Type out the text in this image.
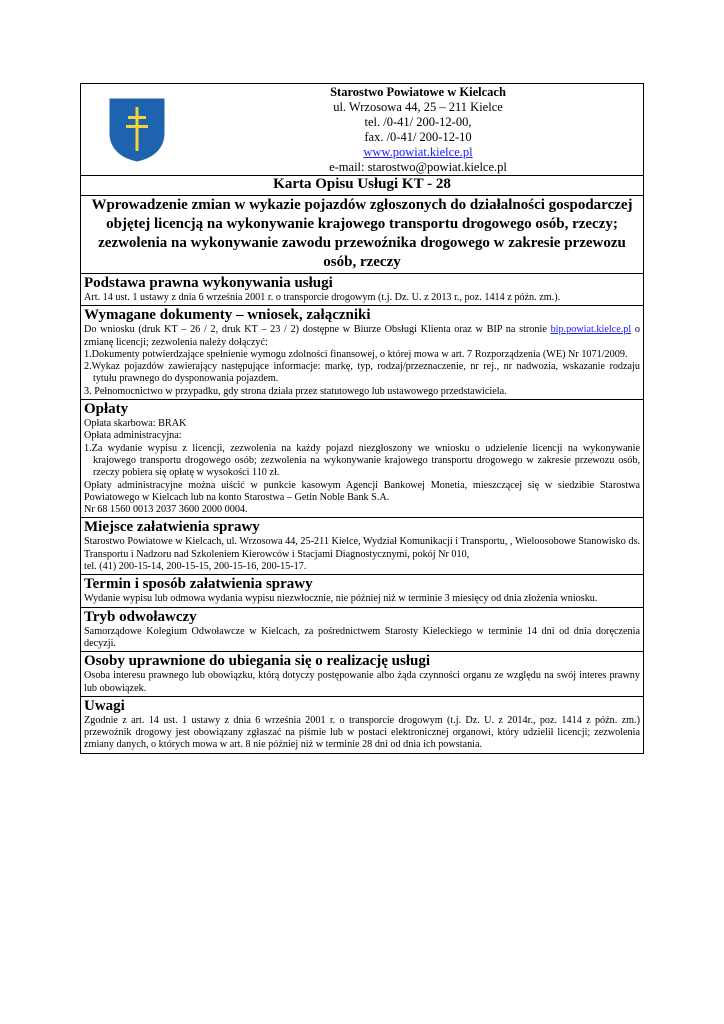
Starostwo Powiatowe w Kielcach
ul. Wrzosowa 44, 25 – 211 Kielce
tel. /0-41/ 200-12-00,
fax. /0-41/ 200-12-10
www.powiat.kielce.pl
e-mail: starostwo@powiat.kielce.pl
Karta Opisu Usługi KT - 28
Wprowadzenie zmian w wykazie pojazdów zgłoszonych do działalności gospodarczej objętej licencją na wykonywanie krajowego transportu drogowego osób, rzeczy; zezwolenia na wykonywanie zawodu przewoźnika drogowego w zakresie przewozu osób, rzeczy
Podstawa prawna wykonywania usługi
Art. 14 ust. 1 ustawy z dnia 6 września 2001 r. o transporcie drogowym (t.j. Dz. U. z 2013 r., poz. 1414 z późn. zm.).
Wymagane dokumenty – wniosek, załączniki

Do wniosku (druk KT – 26 / 2, druk KT – 23 / 2) dostępne w Biurze Obsługi Klienta oraz w BIP na stronie bip.powiat.kielce.pl o zmianę licencji; zezwolenia należy dołączyć:

1.Dokumenty potwierdzające spełnienie wymogu zdolności finansowej, o której mowa w art. 7 Rozporządzenia (WE) Nr 1071/2009.

2.Wykaz pojazdów zawierający następujące informacje: markę, typ, rodzaj/przeznaczenie, nr rej., nr nadwozia, wskazanie rodzaju tytułu prawnego do dysponowania pojazdem.

3. Pełnomocnictwo w przypadku, gdy strona działa przez statutowego lub ustawowego przedstawiciela.

Opłaty

Opłata skarbowa: BRAK

Opłata administracyjna:

1.Za wydanie wypisu z licencji, zezwolenia na każdy pojazd niezgłoszony we wniosku o udzielenie licencji na wykonywanie krajowego transportu drogowego osób; zezwolenia na wykonywanie krajowego transportu drogowego w zakresie przewozu osób, rzeczy pobiera się opłatę w wysokości 110 zł.

Opłaty administracyjne można uiścić w punkcie kasowym Agencji Bankowej Monetia, mieszczącej się w siedzibie Starostwa Powiatowego w Kielcach lub na konto Starostwa – Getin Noble Bank S.A.

Nr 68 1560 0013 2037 3600 2000 0004.

Miejsce załatwienia sprawy

Starostwo Powiatowe w Kielcach, ul. Wrzosowa 44, 25-211 Kielce, Wydział Komunikacji i Transportu, , Wieloosobowe Stanowisko ds. Transportu i Nadzoru nad Szkoleniem Kierowców i Stacjami Diagnostycznymi, pokój Nr 010,

tel. (41) 200-15-14, 200-15-15, 200-15-16, 200-15-17.

Termin i sposób załatwienia sprawy
Wydanie wypisu lub odmowa wydania wypisu niezwłocznie, nie później niż w terminie 3 miesięcy od dnia złożenia wniosku.
Tryb odwoławczy
Samorządowe Kolegium Odwoławcze w Kielcach, za pośrednictwem Starosty Kieleckiego w terminie 14 dni od dnia doręczenia decyzji.
Osoby uprawnione do ubiegania się o realizację usługi
Osoba interesu prawnego lub obowiązku, którą dotyczy postępowanie albo żąda czynności organu ze względu na swój interes prawny lub obowiązek.
Uwagi
Zgodnie z art. 14 ust. 1 ustawy z dnia 6 września 2001 r. o transporcie drogowym (t.j. Dz. U. z 2014r., poz. 1414 z późn. zm.) przewoźnik drogowy jest obowiązany zgłaszać na piśmie lub w postaci elektronicznej organowi, który udzielił licencji; zezwolenia zmiany danych, o których mowa w art. 8 nie później niż w terminie 28 dni od dnia ich powstania.
